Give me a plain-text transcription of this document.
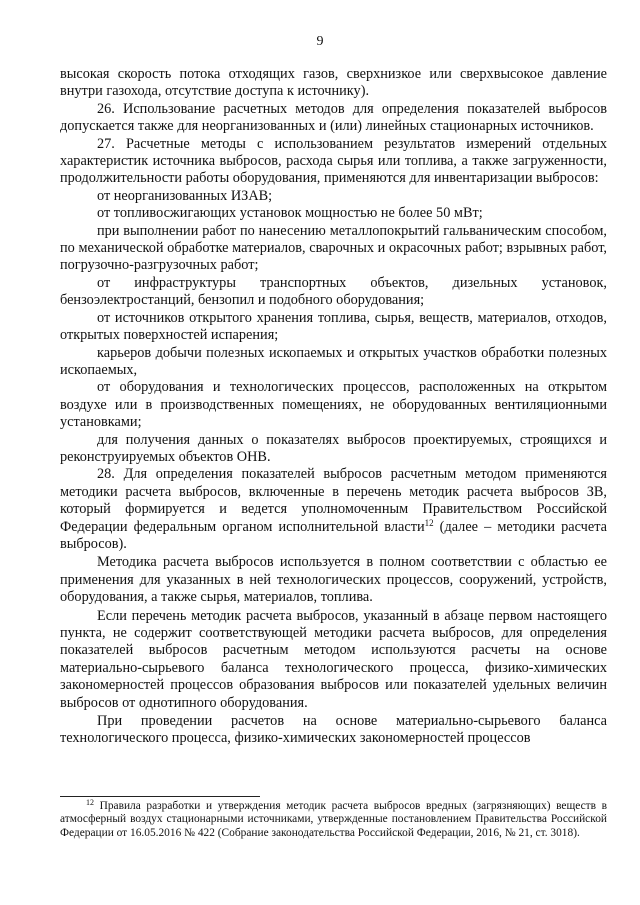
9

высокая скорость потока отходящих газов, сверхнизкое или сверхвысокое давление внутри газохода, отсутствие доступа к источнику).

26. Использование расчетных методов для определения показателей выбросов допускается также для неорганизованных и (или) линейных стационарных источников.

27. Расчетные методы с использованием результатов измерений отдельных характеристик источника выбросов, расхода сырья или топлива, а также загруженности, продолжительности работы оборудования, применяются для инвентаризации выбросов:

от неорганизованных ИЗАВ;

от топливосжигающих установок мощностью не более 50 мВт;

при выполнении работ по нанесению металлопокрытий гальваническим способом, по механической обработке материалов, сварочных и окрасочных работ; взрывных работ, погрузочно-разгрузочных работ;

от инфраструктуры транспортных объектов, дизельных установок, бензоэлектростанций, бензопил и подобного оборудования;

от источников открытого хранения топлива, сырья, веществ, материалов, отходов, открытых поверхностей испарения;

карьеров добычи полезных ископаемых и открытых участков обработки полезных ископаемых,

от оборудования и технологических процессов, расположенных на открытом воздухе или в производственных помещениях, не оборудованных вентиляционными установками;

для получения данных о показателях выбросов проектируемых, строящихся и реконструируемых объектов ОНВ.

28. Для определения показателей выбросов расчетным методом применяются методики расчета выбросов, включенные в перечень методик расчета выбросов ЗВ, который формируется и ведется уполномоченным Правительством Российской Федерации федеральным органом исполнительной власти$^{12}$ (далее – методики расчета выбросов).

Методика расчета выбросов используется в полном соответствии с областью ее применения для указанных в ней технологических процессов, сооружений, устройств, оборудования, а также сырья, материалов, топлива.

Если перечень методик расчета выбросов, указанный в абзаце первом настоящего пункта, не содержит соответствующей методики расчета выбросов, для определения показателей выбросов расчетным методом используются расчеты на основе материально-сырьевого баланса технологического процесса, физико-химических закономерностей процессов образования выбросов или показателей удельных величин выбросов от однотипного оборудования.

При проведении расчетов на основе материально-сырьевого баланса технологического процесса, физико-химических закономерностей процессов

$^{12}$ Правила разработки и утверждения методик расчета выбросов вредных (загрязняющих) веществ в атмосферный воздух стационарными источниками, утвержденные постановлением Правительства Российской Федерации от 16.05.2016 № 422 (Собрание законодательства Российской Федерации, 2016, № 21, ст. 3018).
